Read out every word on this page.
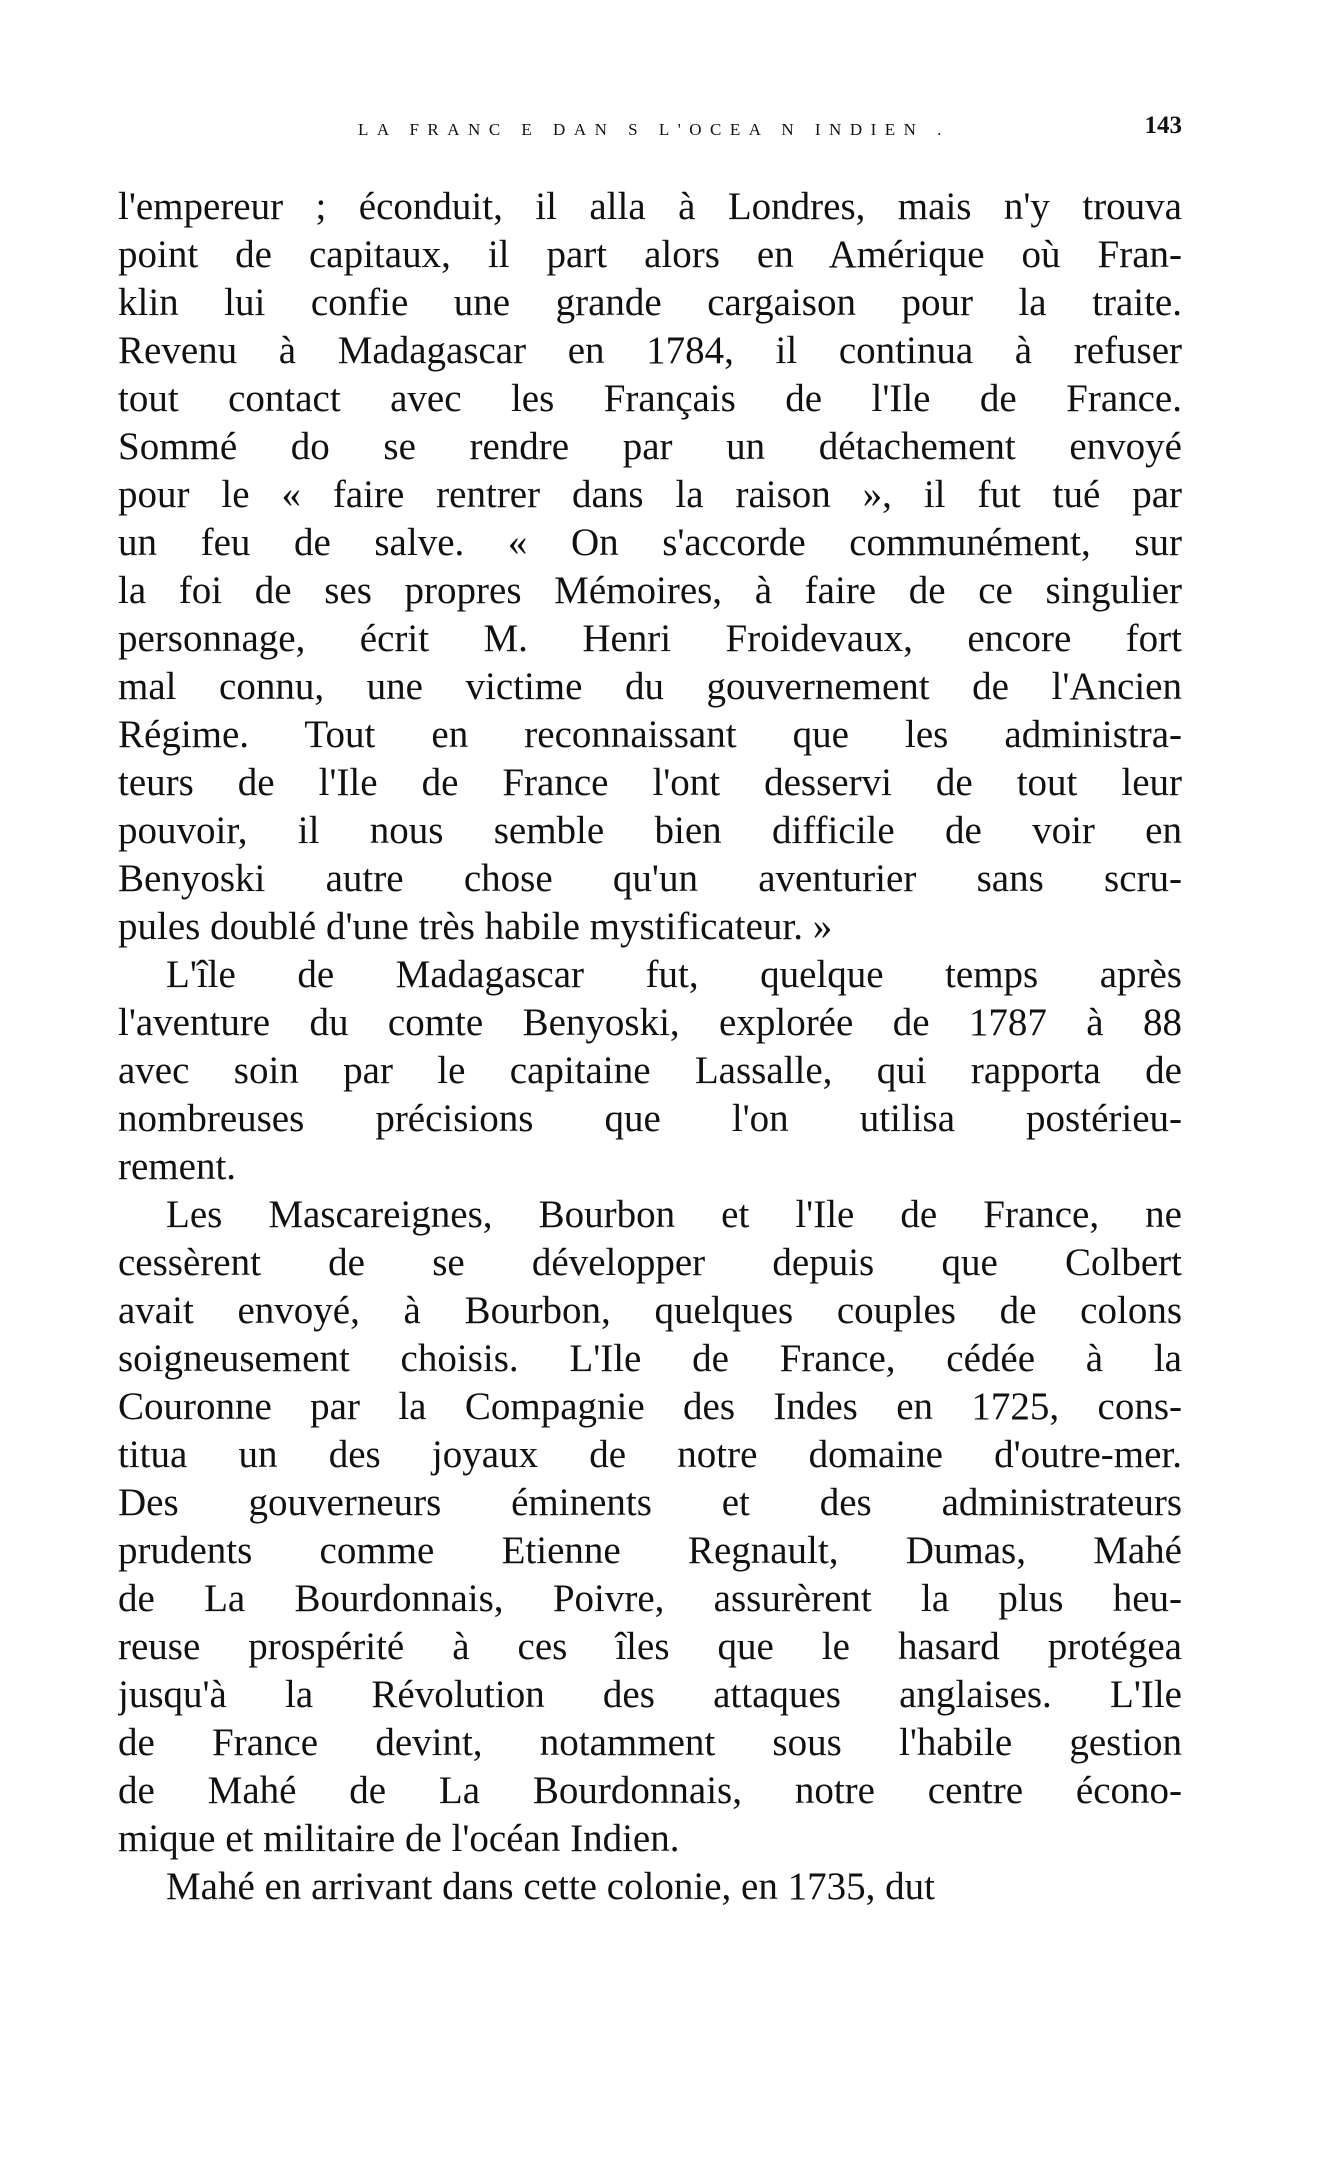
LA FRANC E DAN S L'OCEA N INDIEN .	143
l'empereur ; éconduit, il alla à Londres, mais n'y trouva
point de capitaux, il part alors en Amérique où Fran-
klin lui confie une grande cargaison pour la traite.
Revenu à Madagascar en 1784, il continua à refuser
tout contact avec les Français de l'Ile de France.
Sommé do se rendre par un détachement envoyé
pour le « faire rentrer dans la raison », il fut tué par
un feu de salve. « On s'accorde communément, sur
la foi de ses propres Mémoires, à faire de ce singulier
personnage, écrit M. Henri Froidevaux, encore fort
mal connu, une victime du gouvernement de l'Ancien
Régime. Tout en reconnaissant que les administra-
teurs de l'Ile de France l'ont desservi de tout leur
pouvoir, il nous semble bien difficile de voir en
Benyoski autre chose qu'un aventurier sans scru-
pules doublé d'une très habile mystificateur. »
L'île de Madagascar fut, quelque temps après
l'aventure du comte Benyoski, explorée de 1787 à 88
avec soin par le capitaine Lassalle, qui rapporta de
nombreuses précisions que l'on utilisa postérieu-
rement.
Les Mascareignes, Bourbon et l'Ile de France, ne
cessèrent de se développer depuis que Colbert
avait envoyé, à Bourbon, quelques couples de colons
soigneusement choisis. L'Ile de France, cédée à la
Couronne par la Compagnie des Indes en 1725, cons-
titua un des joyaux de notre domaine d'outre-mer.
Des gouverneurs éminents et des administrateurs
prudents comme Etienne Regnault, Dumas, Mahé
de La Bourdonnais, Poivre, assurèrent la plus heu-
reuse prospérité à ces îles que le hasard protégea
jusqu'à la Révolution des attaques anglaises. L'Ile
de France devint, notamment sous l'habile gestion
de Mahé de La Bourdonnais, notre centre écono-
mique et militaire de l'océan Indien.
Mahé en arrivant dans cette colonie, en 1735, dut
